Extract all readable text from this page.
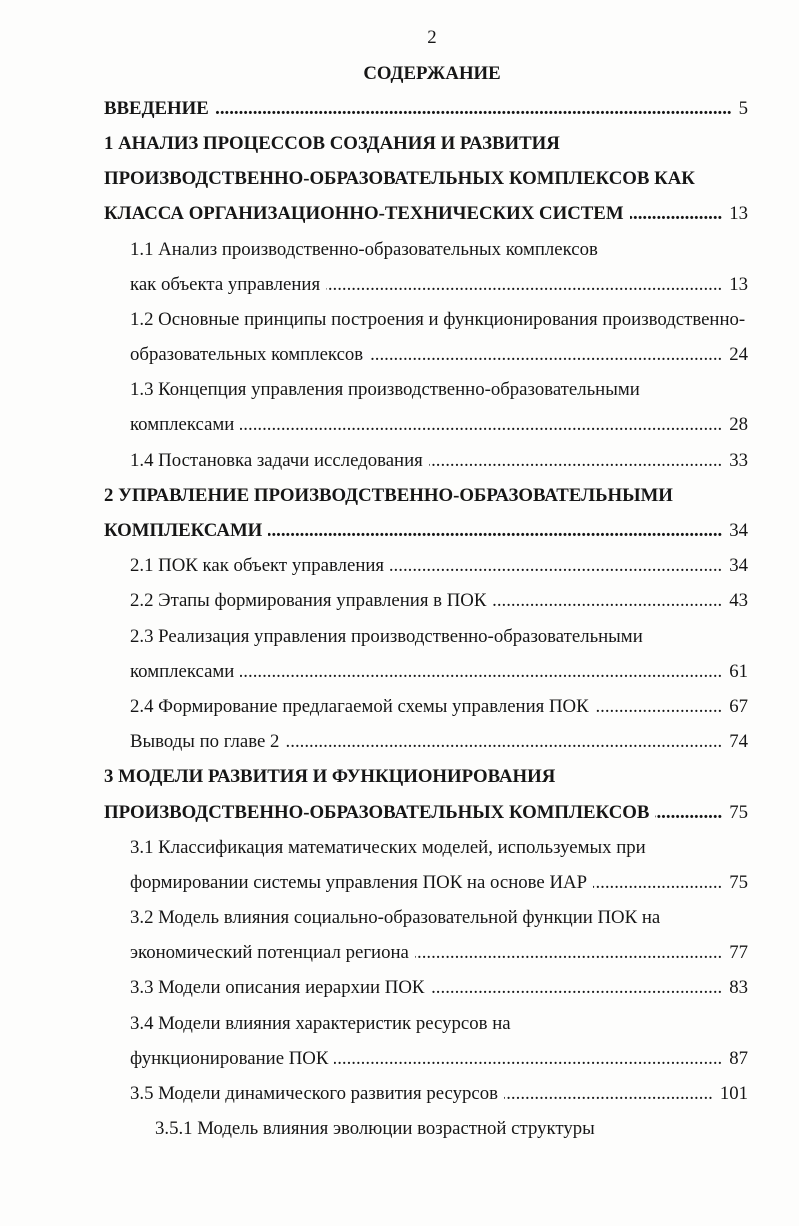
2
СОДЕРЖАНИЕ
ВВЕДЕНИЕ .....	5
1 АНАЛИЗ ПРОЦЕССОВ СОЗДАНИЯ И РАЗВИТИЯ
ПРОИЗВОДСТВЕННО-ОБРАЗОВАТЕЛЬНЫХ КОМПЛЕКСОВ КАК
КЛАССА ОРГАНИЗАЦИОННО-ТЕХНИЧЕСКИХ СИСТЕМ .....	13
1.1 Анализ производственно-образовательных комплексов
как объекта управления .....	13
1.2 Основные принципы построения и функционирования производственно-
образовательных комплексов .....	24
1.3 Концепция управления производственно-образовательными
комплексами .....	28
1.4 Постановка задачи исследования .....	33
2 УПРАВЛЕНИЕ ПРОИЗВОДСТВЕННО-ОБРАЗОВАТЕЛЬНЫМИ
КОМПЛЕКСАМИ .....	34
2.1 ПОК как объект управления .....	34
2.2 Этапы формирования управления в ПОК .....	43
2.3 Реализация управления производственно-образовательными
комплексами .....	61
2.4 Формирование предлагаемой схемы управления ПОК .....	67
Выводы по главе 2 .....	74
3 МОДЕЛИ РАЗВИТИЯ И ФУНКЦИОНИРОВАНИЯ
ПРОИЗВОДСТВЕННО-ОБРАЗОВАТЕЛЬНЫХ КОМПЛЕКСОВ .....	75
3.1 Классификация математических моделей, используемых при
формировании системы управления ПОК на основе ИАР .....	75
3.2 Модель влияния социально-образовательной функции ПОК на
экономический потенциал региона .....	77
3.3 Модели описания иерархии ПОК .....	83
3.4 Модели влияния характеристик ресурсов на
функционирование ПОК .....	87
3.5 Модели динамического развития ресурсов .....	101
3.5.1 Модель влияния эволюции возрастной структуры
